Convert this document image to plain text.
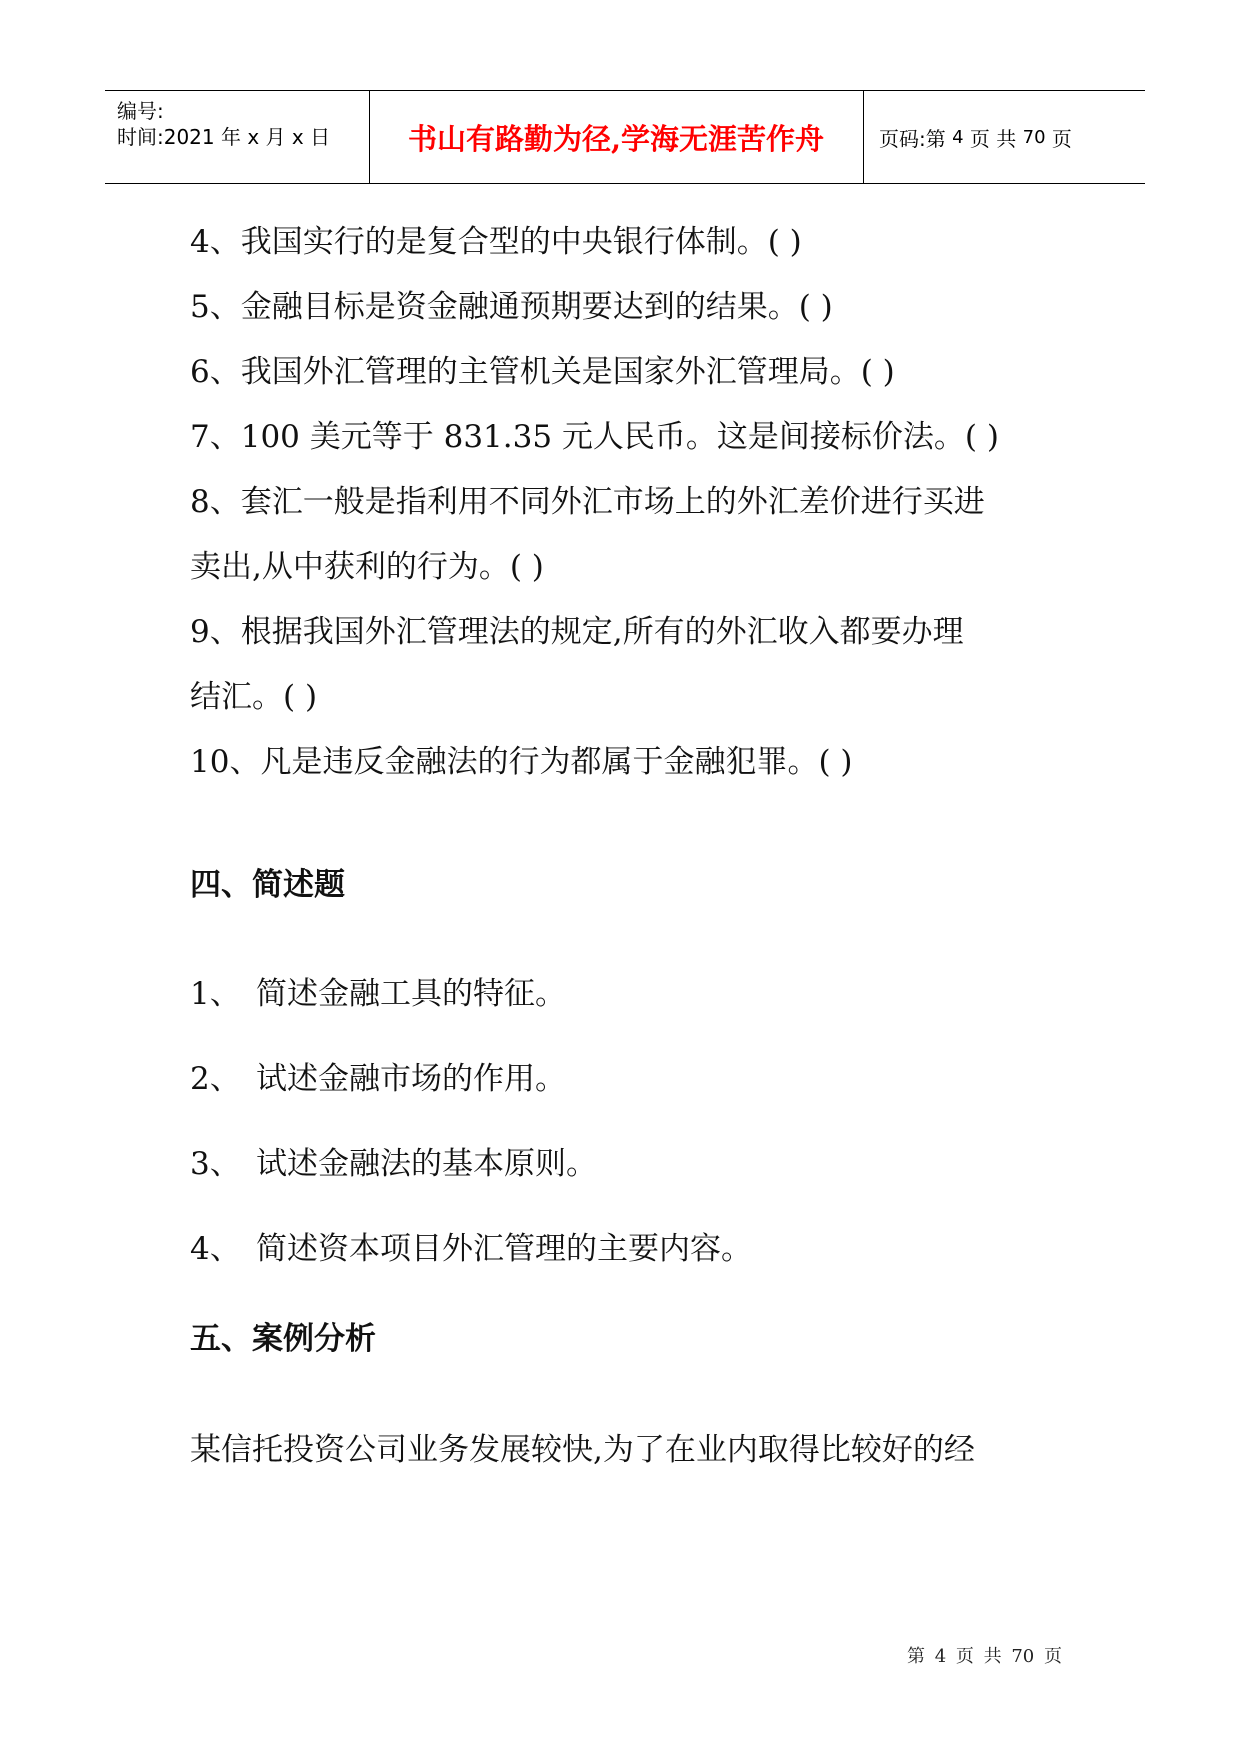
编号:
时间:2021 年 x 月 x 日	书山有路勤为径,学海无涯苦作舟	页码:第
4
页 共
70
页

4、我国实行的是复合型的中央银行体制。( )

5、金融目标是资金融通预期要达到的结果。( )

6、我国外汇管理的主管机关是国家外汇管理局。( )

7、100 美元等于 831.35 元人民币。这是间接标价法。( )

8、套汇一般是指利用不同外汇市场上的外汇差价进行买进

卖出,从中获利的行为。( )

9、根据我国外汇管理法的规定,所有的外汇收入都要办理

结汇。( )

10、凡是违反金融法的行为都属于金融犯罪。( )

四、简述题

1、 简述金融工具的特征。

2、 试述金融市场的作用。

3、 试述金融法的基本原则。

4、 简述资本项目外汇管理的主要内容。

五、案例分析

某信托投资公司业务发展较快,为了在业内取得比较好的经

第 4 页 共 70 页
